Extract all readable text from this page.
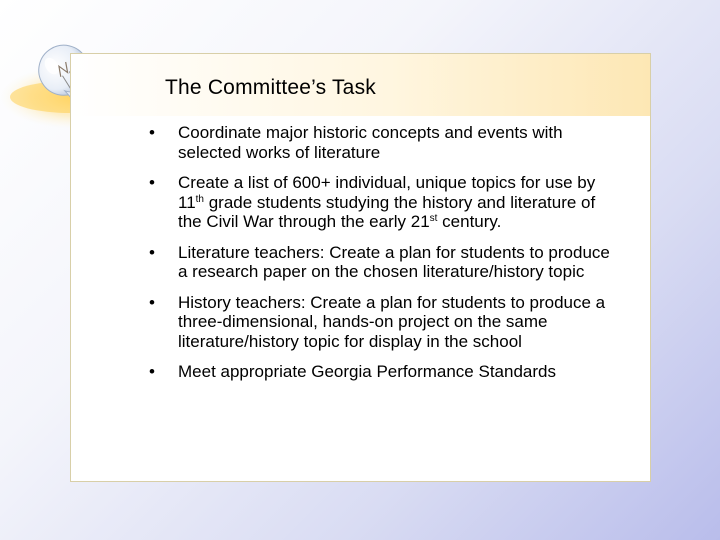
The Committee’s Task
• Coordinate major historic concepts and events with selected works of literature
• Create a list of 600+ individual, unique topics for use by 11th grade students studying the history and literature of the Civil War through the early 21st century.
• Literature teachers: Create a plan for students to produce a research paper on the chosen literature/history topic
• History teachers: Create a plan for students to produce a three-dimensional, hands-on project on the same literature/history topic for display in the school
• Meet appropriate Georgia Performance Standards
